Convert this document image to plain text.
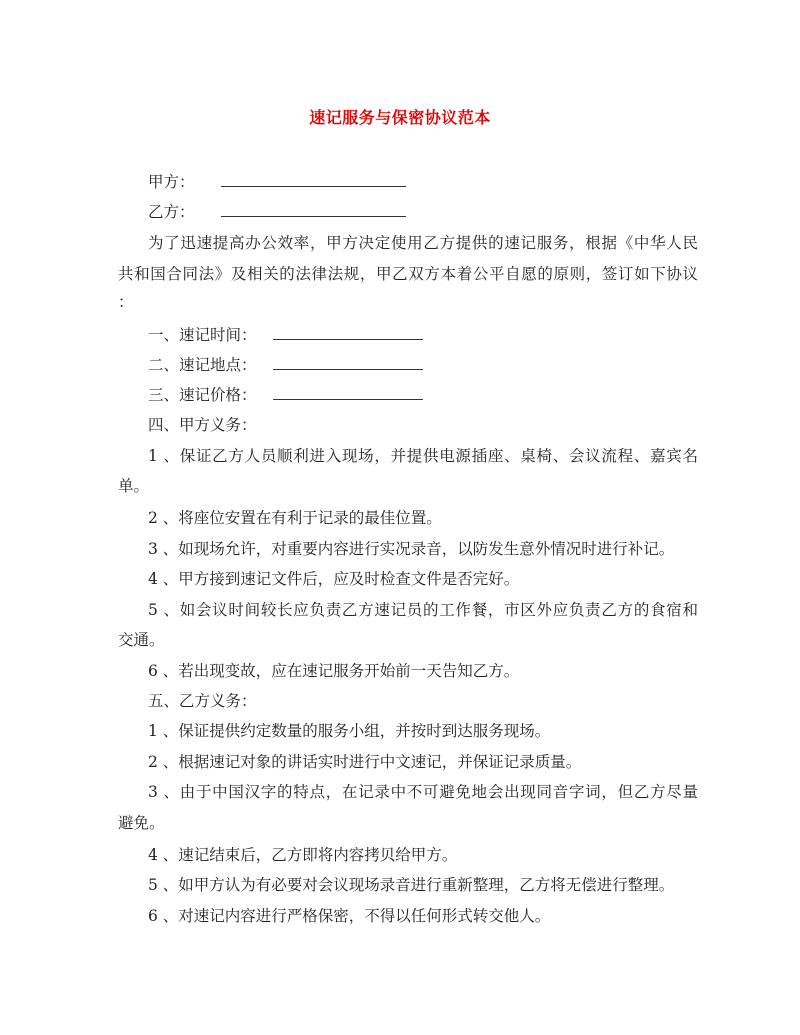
速记服务与保密协议范本
甲方：
乙方：
为了迅速提高办公效率，甲方决定使用乙方提供的速记服务，根据《中华人民
共和国合同法》及相关的法律法规，甲乙双方本着公平自愿的原则，签订如下协议
：
一、速记时间：
二、速记地点：
三、速记价格：
四、甲方义务：
1 、保证乙方人员顺利进入现场，并提供电源插座、桌椅、会议流程、嘉宾名
单。
2 、将座位安置在有利于记录的最佳位置。
3 、如现场允许，对重要内容进行实况录音，以防发生意外情况时进行补记。
4 、甲方接到速记文件后，应及时检查文件是否完好。
5 、如会议时间较长应负责乙方速记员的工作餐，市区外应负责乙方的食宿和
交通。
6 、若出现变故，应在速记服务开始前一天告知乙方。
五、乙方义务：
1 、保证提供约定数量的服务小组，并按时到达服务现场。
2 、根据速记对象的讲话实时进行中文速记，并保证记录质量。
3 、由于中国汉字的特点，在记录中不可避免地会出现同音字词，但乙方尽量
避免。
4 、速记结束后，乙方即将内容拷贝给甲方。
5 、如甲方认为有必要对会议现场录音进行重新整理，乙方将无偿进行整理。
6 、对速记内容进行严格保密，不得以任何形式转交他人。
